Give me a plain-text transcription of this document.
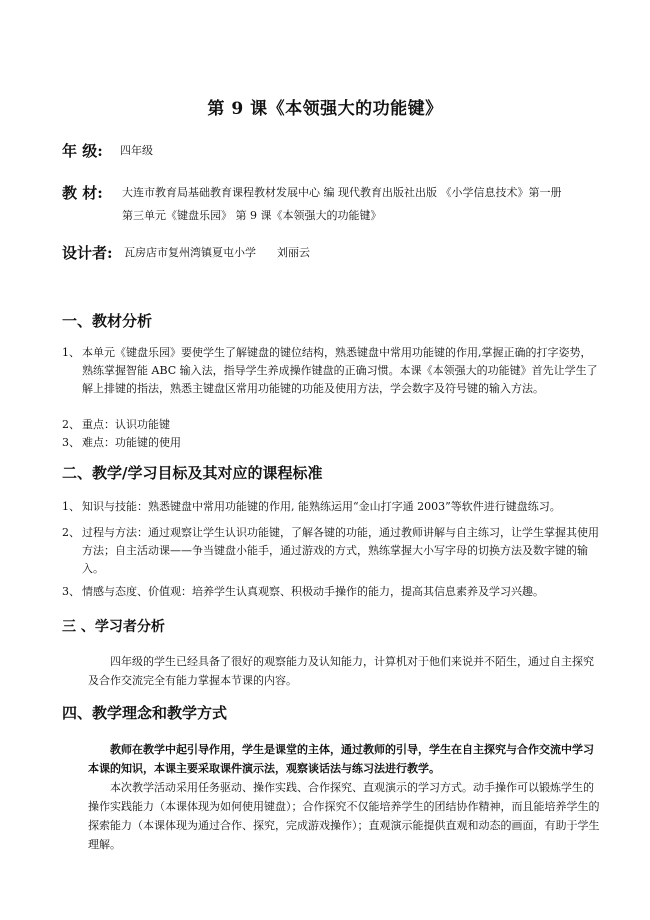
第 9 课《本领强大的功能键》
年 级: 四年级
教 材: 大连市教育局基础教育课程教材发展中心 编 现代教育出版社出版 《小学信息技术》第一册
第三单元《键盘乐园》 第 9 课《本领强大的功能键》
设计者: 瓦房店市复州湾镇夏屯小学      刘丽云
一、教材分析
1、 本单元《键盘乐园》要使学生了解键盘的键位结构，熟悉键盘中常用功能键的作用,掌握正确的打字姿势，熟练掌握智能 ABC 输入法，指导学生养成操作键盘的正确习惯。本课《本领强大的功能键》首先让学生了解上排键的指法，熟悉主键盘区常用功能键的功能及使用方法，学会数字及符号键的输入方法。
2、 重点：认识功能键
3、 难点：功能键的使用
二、教学/学习目标及其对应的课程标准
1、 知识与技能：熟悉键盘中常用功能键的作用, 能熟练运用“金山打字通 2003”等软件进行键盘练习。
2、 过程与方法：通过观察让学生认识功能键，了解各键的功能，通过教师讲解与自主练习，让学生掌握其使用方法；自主活动课——争当键盘小能手，通过游戏的方式，熟练掌握大小写字母的切换方法及数字键的输入。
3、 情感与态度、价值观：培养学生认真观察、积极动手操作的能力，提高其信息素养及学习兴趣。
三 、学习者分析
四年级的学生已经具备了很好的观察能力及认知能力，计算机对于他们来说并不陌生，通过自主探究及合作交流完全有能力掌握本节课的内容。
四、教学理念和教学方式
教师在教学中起引导作用，学生是课堂的主体，通过教师的引导，学生在自主探究与合作交流中学习本课的知识，本课主要采取课件演示法，观察谈话法与练习法进行教学。
本次教学活动采用任务驱动、操作实践、合作探究、直观演示的学习方式。动手操作可以锻炼学生的操作实践能力（本课体现为如何使用键盘）；合作探究不仅能培养学生的团结协作精神，而且能培养学生的探索能力（本课体现为通过合作、探究，完成游戏操作）；直观演示能提供直观和动态的画面，有助于学生理解。
